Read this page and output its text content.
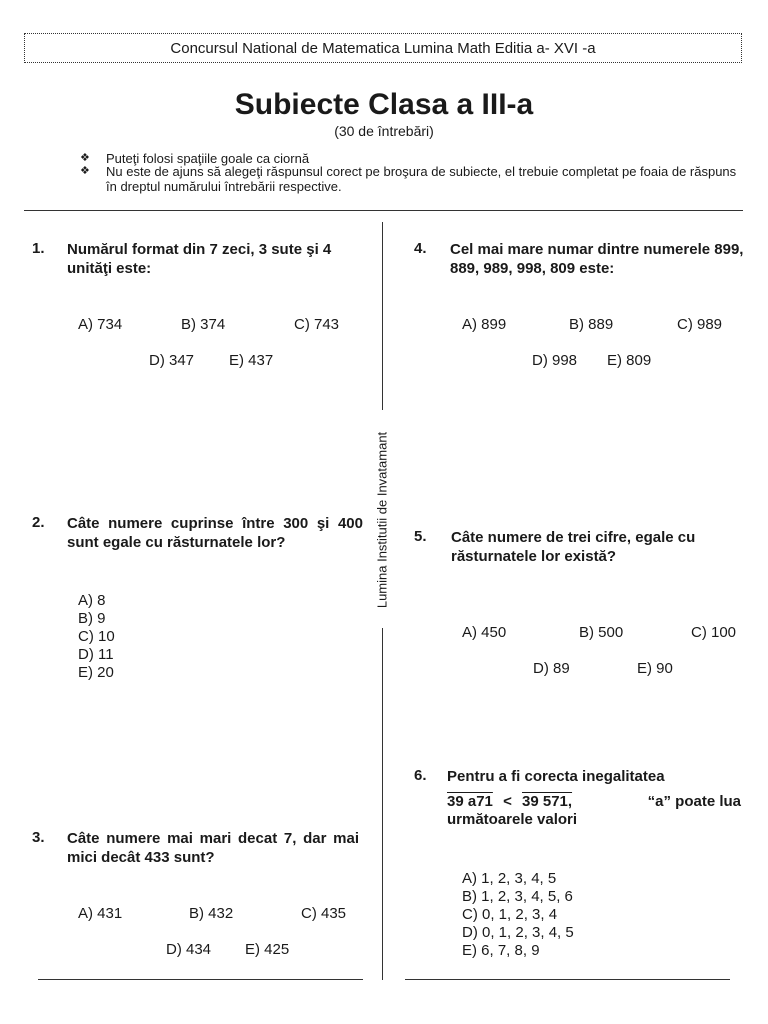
Concursul National de Matematica Lumina Math Editia a- XVI -a
Subiecte Clasa a III-a
(30 de întrebări)
❖ Puteţi folosi spaţiile goale ca ciornă
❖ Nu este de ajuns să alegeţi răspunsul corect pe broşura de subiecte, el trebuie completat pe foaia de răspuns în dreptul numărului întrebării respective.
Lumina Institutii de Invatamant
1. Numărul format din 7 zeci, 3 sute şi 4 unităţi este:
A) 734	B) 374	C) 743
D) 347 E) 437
2. Câte numere cuprinse între 300 şi 400 sunt egale cu răsturnatele lor?
A) 8
B) 9
C) 10
D) 11
E) 20
3. Câte numere mai mari decat 7, dar mai mici decât 433 sunt?
A) 431	B) 432	C) 435
D) 434 E) 425
4. Cel mai mare numar dintre numerele 899, 889, 989, 998, 809 este:
A) 899	B) 889	C) 989
D) 998 E) 809
5. Câte numere de trei cifre, egale cu răsturnatele lor există?
A) 450	B) 500	C) 100
D) 89	E) 90
6. Pentru a fi corecta inegalitatea
39 a71 < 39 571,	“a” poate lua
următoarele valori
A) 1, 2, 3, 4, 5
B) 1, 2, 3, 4, 5, 6
C) 0, 1, 2, 3, 4
D) 0, 1, 2, 3, 4, 5
E) 6, 7, 8, 9
